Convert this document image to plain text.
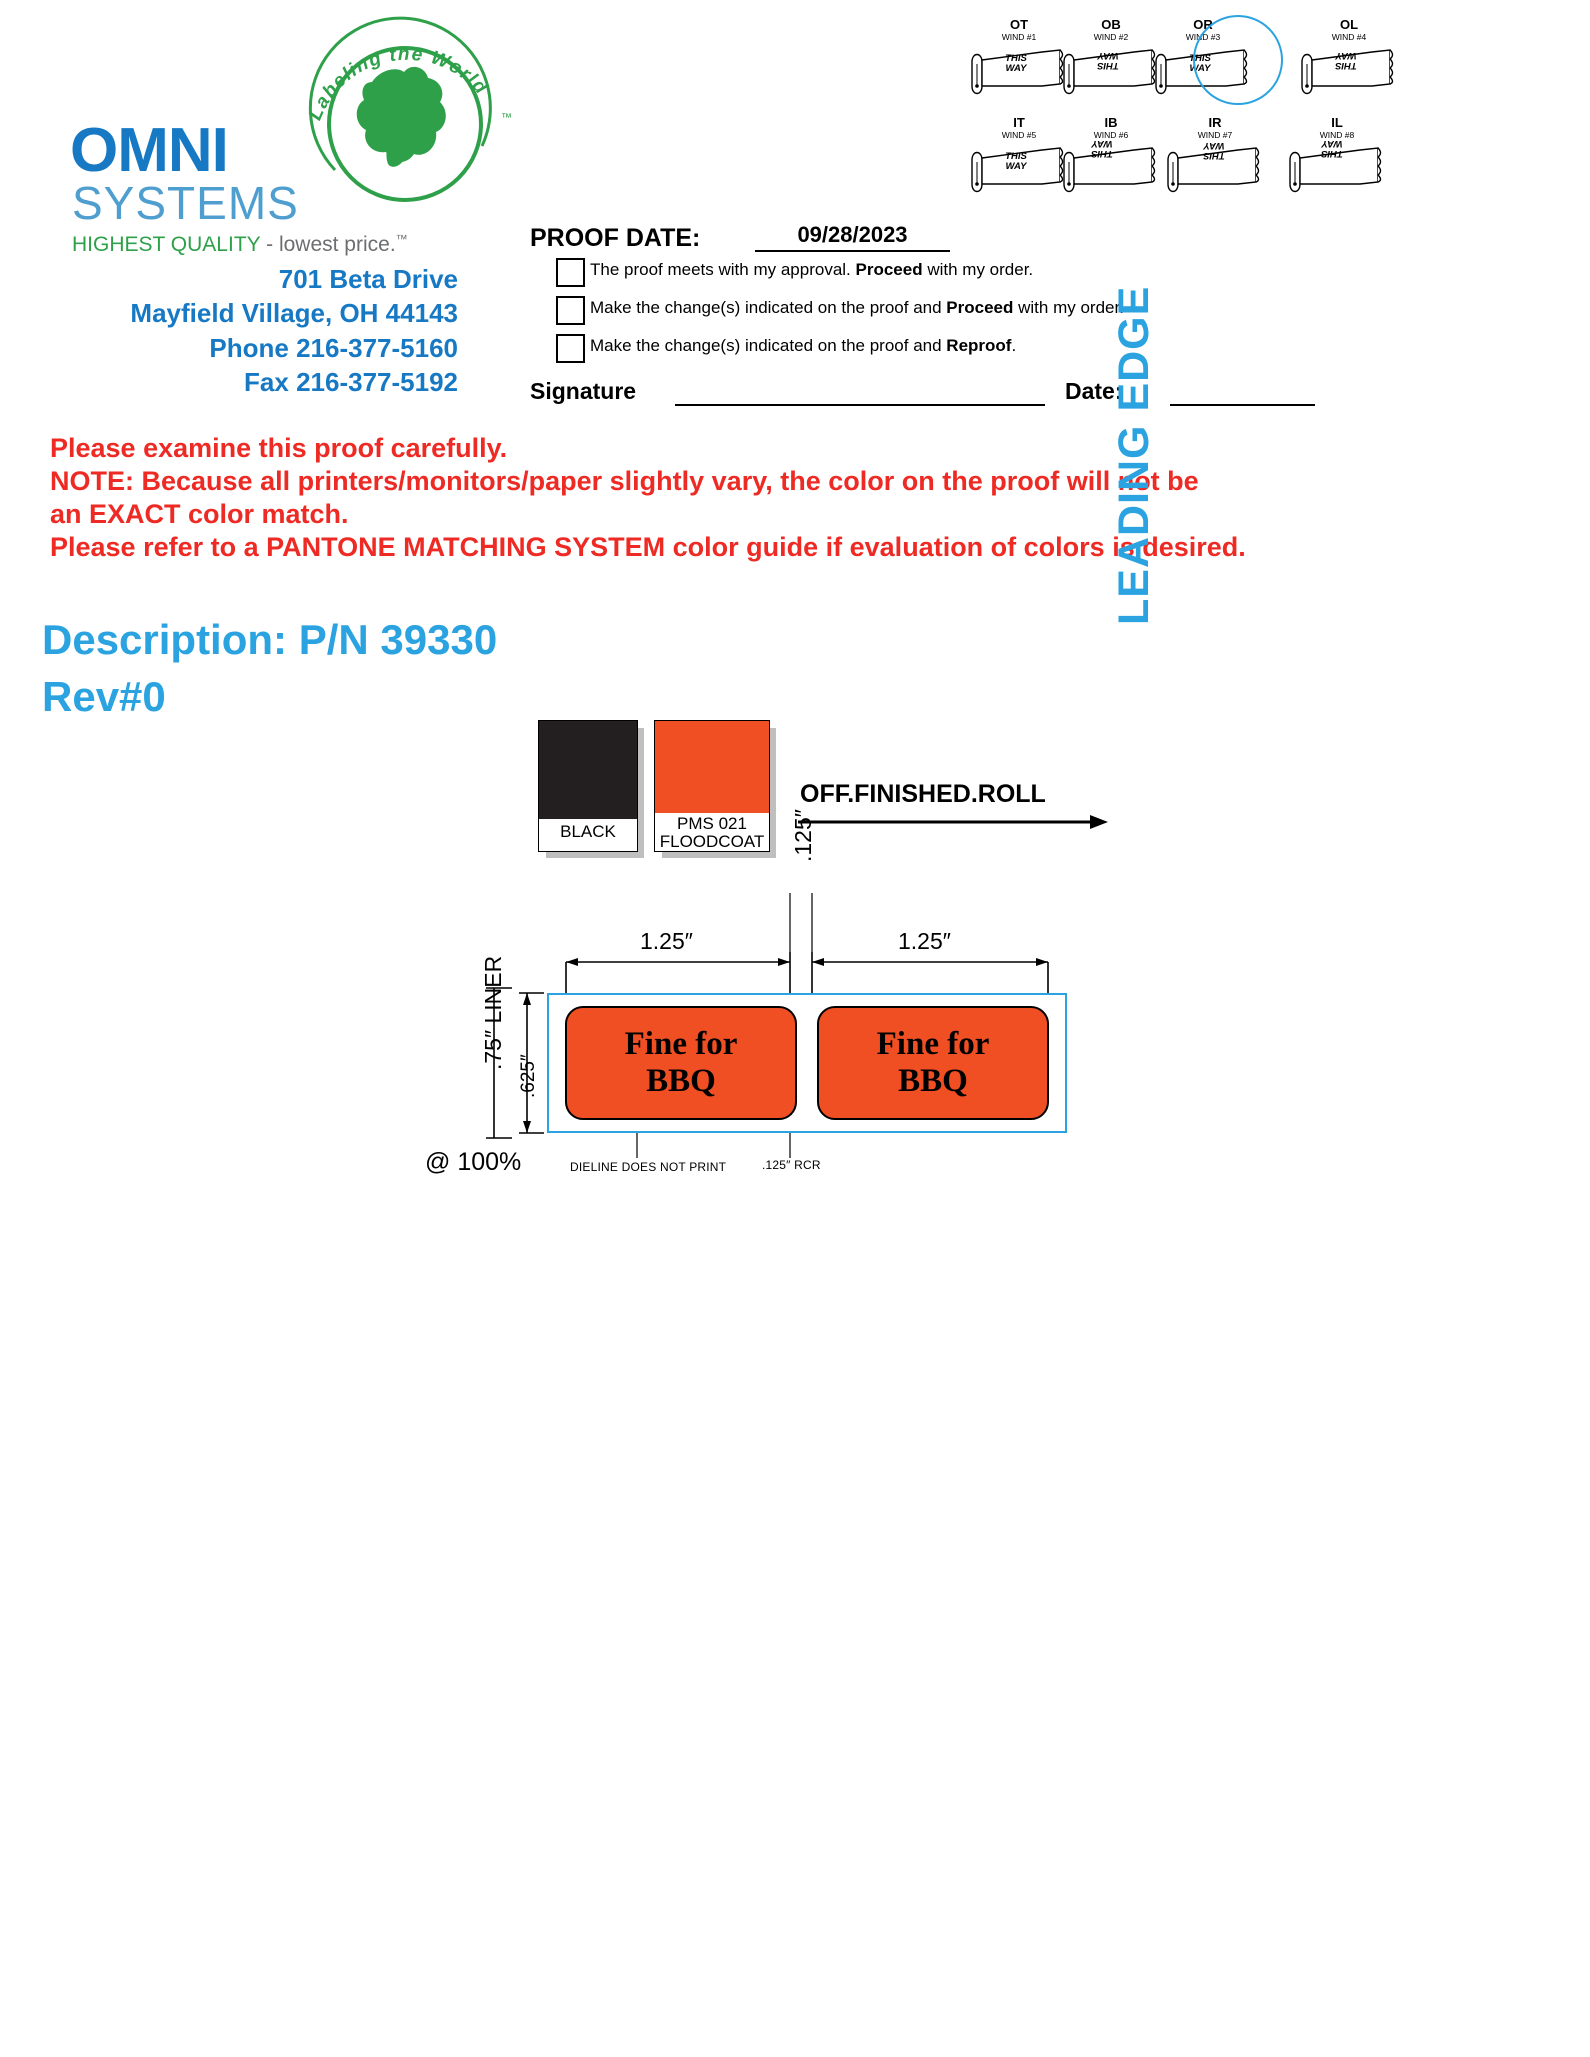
Labeling the World
™
OMNI
SYSTEMS
HIGHEST QUALITY - lowest price.™
701 Beta Drive
Mayfield Village, OH 44143
Phone 216-377-5160
Fax 216-377-5192
OT
WIND #1
THIS WAY
OB
WIND #2
THIS WAY
OR
WIND #3
THIS WAY
OL
WIND #4
THIS WAY
IT
WIND #5
THIS WAY
IB
WIND #6
THIS WAY
IR
WIND #7
THIS WAY
IL
WIND #8
THIS WAY
PROOF DATE:	09/28/2023
The proof meets with my approval. Proceed with my order.
Make the change(s) indicated on the proof and Proceed with my order.
Make the change(s) indicated on the proof and Reproof.
Signature	Date:
Please examine this proof carefully.
NOTE: Because all printers/monitors/paper slightly vary, the color on the proof will not be
an EXACT color match.
Please refer to a PANTONE MATCHING SYSTEM color guide if evaluation of colors is desired.
Description: P/N 39330
Rev#0
BLACK	PMS 021
FLOODCOAT
OFF.FINISHED.ROLL
LEADING EDGE
1.25″
.125″
1.25″
.75″ LINER
.625″
Fine for
BBQ
Fine for
BBQ
@ 100%	DIELINE DOES NOT PRINT	.125″ RCR
